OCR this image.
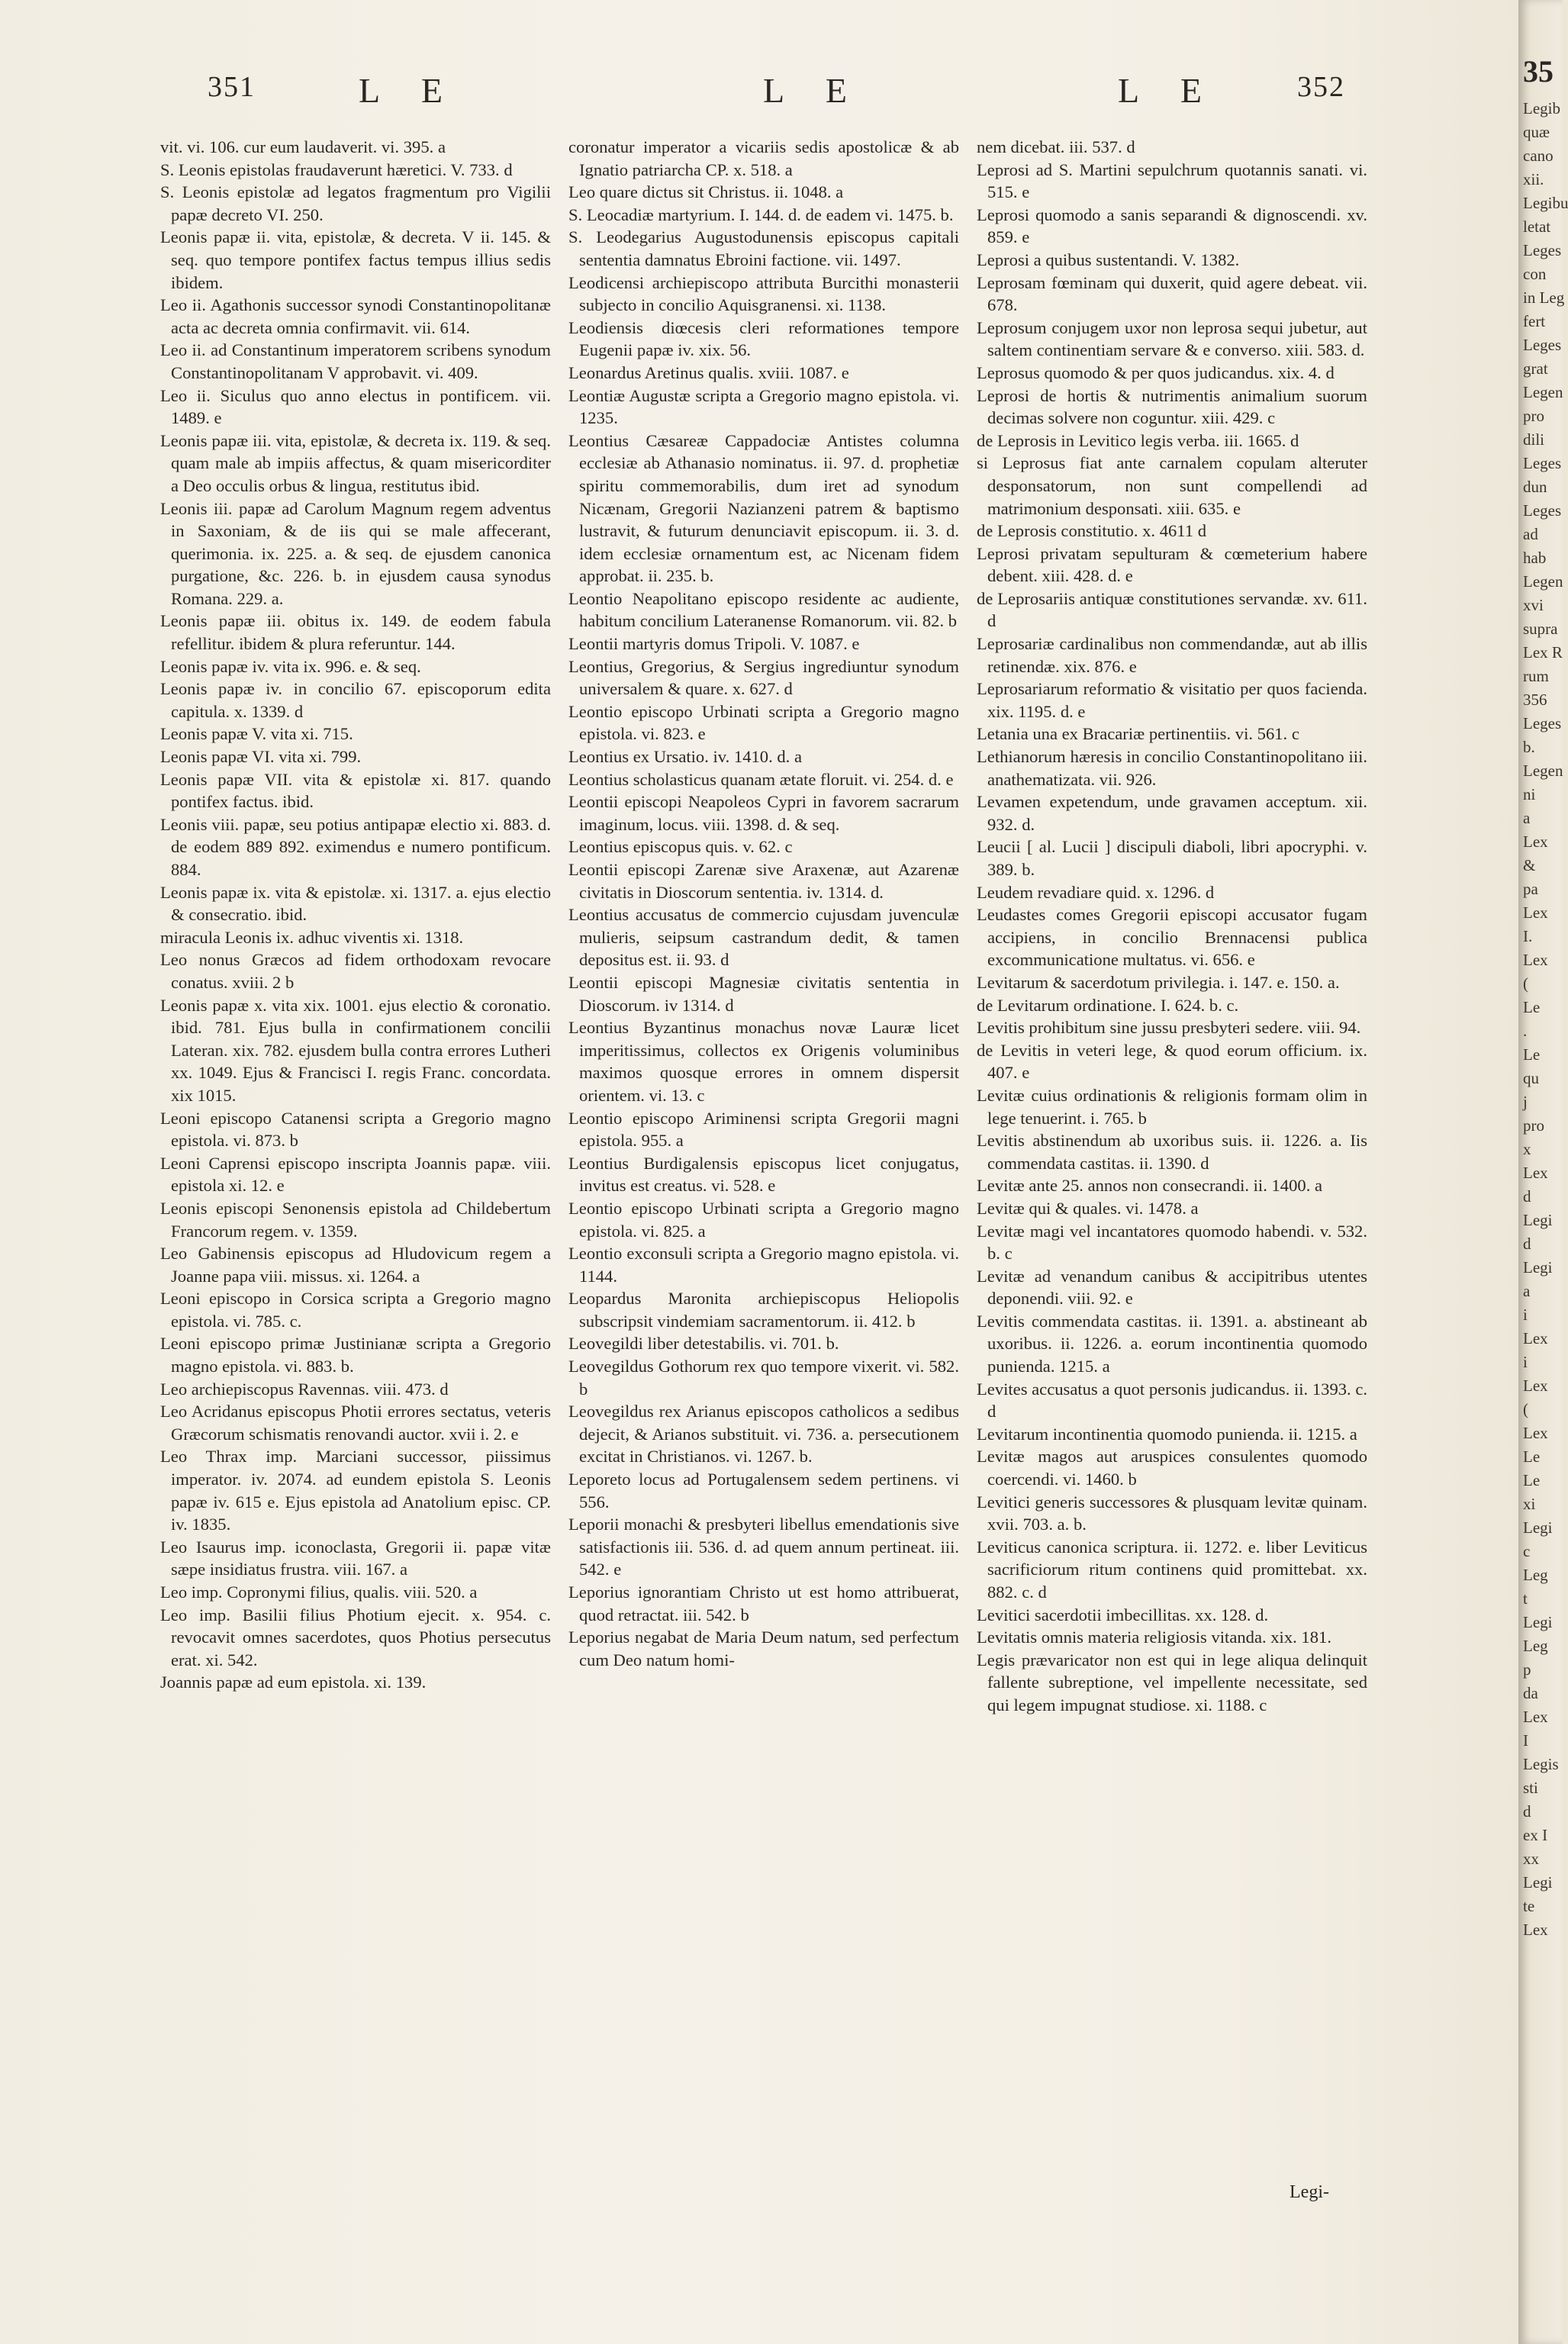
351	L E	L E	L E	352

vit. vi. 106. cur eum laudaverit. vi. 395. a

S. Leonis epistolas fraudaverunt hæretici. V. 733. d

S. Leonis epistolæ ad legatos fragmentum pro Vigilii papæ decreto VI. 250.

Leonis papæ ii. vita, epistolæ, & decreta. V ii. 145. & seq. quo tempore pontifex factus tempus illius sedis ibidem.

Leo ii. Agathonis successor synodi Constantinopolitanæ acta ac decreta omnia confirmavit. vii. 614.

Leo ii. ad Constantinum imperatorem scribens synodum Constantinopolitanam V approbavit. vi. 409.

Leo ii. Siculus quo anno electus in pontificem. vii. 1489. e

Leonis papæ iii. vita, epistolæ, & decreta ix. 119. & seq. quam male ab impiis affectus, & quam misericorditer a Deo occulis orbus & lingua, restitutus ibid.

Leonis iii. papæ ad Carolum Magnum regem adventus in Saxoniam, & de iis qui se male affecerant, querimonia. ix. 225. a. & seq. de ejusdem canonica purgatione, &c. 226. b. in ejusdem causa synodus Romana. 229. a.

Leonis papæ iii. obitus ix. 149. de eodem fabula refellitur. ibidem & plura referuntur. 144.

Leonis papæ iv. vita ix. 996. e. & seq.

Leonis papæ iv. in concilio 67. episcoporum edita capitula. x. 1339. d

Leonis papæ V. vita xi. 715.

Leonis papæ VI. vita xi. 799.

Leonis papæ VII. vita & epistolæ xi. 817. quando pontifex factus. ibid.

Leonis viii. papæ, seu potius antipapæ electio xi. 883. d. de eodem 889 892. eximendus e numero pontificum. 884.

Leonis papæ ix. vita & epistolæ. xi. 1317. a. ejus electio & consecratio. ibid.

miracula Leonis ix. adhuc viventis xi. 1318.

Leo nonus Græcos ad fidem orthodoxam revocare conatus. xviii. 2 b

Leonis papæ x. vita xix. 1001. ejus electio & coronatio. ibid. 781. Ejus bulla in confirmationem concilii Lateran. xix. 782. ejusdem bulla contra errores Lutheri xx. 1049. Ejus & Francisci I. regis Franc. concordata. xix 1015.

Leoni episcopo Catanensi scripta a Gregorio magno epistola. vi. 873. b

Leoni Caprensi episcopo inscripta Joannis papæ. viii. epistola xi. 12. e

Leonis episcopi Senonensis epistola ad Childebertum Francorum regem. v. 1359.

Leo Gabinensis episcopus ad Hludovicum regem a Joanne papa viii. missus. xi. 1264. a

Leoni episcopo in Corsica scripta a Gregorio magno epistola. vi. 785. c.

Leoni episcopo primæ Justinianæ scripta a Gregorio magno epistola. vi. 883. b.

Leo archiepiscopus Ravennas. viii. 473. d

Leo Acridanus episcopus Photii errores sectatus, veteris Græcorum schismatis renovandi auctor. xvii i. 2. e

Leo Thrax imp. Marciani successor, piissimus imperator. iv. 2074. ad eundem epistola S. Leonis papæ iv. 615 e. Ejus epistola ad Anatolium episc. CP. iv. 1835.

Leo Isaurus imp. iconoclasta, Gregorii ii. papæ vitæ sæpe insidiatus frustra. viii. 167. a

Leo imp. Copronymi filius, qualis. viii. 520. a

Leo imp. Basilii filius Photium ejecit. x. 954. c. revocavit omnes sacerdotes, quos Photius persecutus erat. xi. 542.

Joannis papæ ad eum epistola. xi. 139.

coronatur imperator a vicariis sedis apostolicæ & ab Ignatio patriarcha CP. x. 518. a

Leo quare dictus sit Christus. ii. 1048. a

S. Leocadiæ martyrium. I. 144. d. de eadem vi. 1475. b.

S. Leodegarius Augustodunensis episcopus capitali sententia damnatus Ebroini factione. vii. 1497.

Leodicensi archiepiscopo attributa Burcithi monasterii subjecto in concilio Aquisgranensi. xi. 1138.

Leodiensis diœcesis cleri reformationes tempore Eugenii papæ iv. xix. 56.

Leonardus Aretinus qualis. xviii. 1087. e

Leontiæ Augustæ scripta a Gregorio magno epistola. vi. 1235.

Leontius Cæsareæ Cappadociæ Antistes columna ecclesiæ ab Athanasio nominatus. ii. 97. d. prophetiæ spiritu commemorabilis, dum iret ad synodum Nicænam, Gregorii Nazianzeni patrem & baptismo lustravit, & futurum denunciavit episcopum. ii. 3. d. idem ecclesiæ ornamentum est, ac Nicenam fidem approbat. ii. 235. b.

Leontio Neapolitano episcopo residente ac audiente, habitum concilium Lateranense Romanorum. vii. 82. b

Leontii martyris domus Tripoli. V. 1087. e

Leontius, Gregorius, & Sergius ingrediuntur synodum universalem & quare. x. 627. d

Leontio episcopo Urbinati scripta a Gregorio magno epistola. vi. 823. e

Leontius ex Ursatio. iv. 1410. d. a

Leontius scholasticus quanam ætate floruit. vi. 254. d. e

Leontii episcopi Neapoleos Cypri in favorem sacrarum imaginum, locus. viii. 1398. d. & seq.

Leontius episcopus quis. v. 62. c

Leontii episcopi Zarenæ sive Araxenæ, aut Azarenæ civitatis in Dioscorum sententia. iv. 1314. d.

Leontius accusatus de commercio cujusdam juvenculæ mulieris, seipsum castrandum dedit, & tamen depositus est. ii. 93. d

Leontii episcopi Magnesiæ civitatis sententia in Dioscorum. iv 1314. d

Leontius Byzantinus monachus novæ Lauræ licet imperitissimus, collectos ex Origenis voluminibus maximos quosque errores in omnem dispersit orientem. vi. 13. c

Leontio episcopo Ariminensi scripta Gregorii magni epistola. 955. a

Leontius Burdigalensis episcopus licet conjugatus, invitus est creatus. vi. 528. e

Leontio episcopo Urbinati scripta a Gregorio magno epistola. vi. 825. a

Leontio exconsuli scripta a Gregorio magno epistola. vi. 1144.

Leopardus Maronita archiepiscopus Heliopolis subscripsit vindemiam sacramentorum. ii. 412. b

Leovegildi liber detestabilis. vi. 701. b.

Leovegildus Gothorum rex quo tempore vixerit. vi. 582. b

Leovegildus rex Arianus episcopos catholicos a sedibus dejecit, & Arianos substituit. vi. 736. a. persecutionem excitat in Christianos. vi. 1267. b.

Leporeto locus ad Portugalensem sedem pertinens. vi 556.

Leporii monachi & presbyteri libellus emendationis sive satisfactionis iii. 536. d. ad quem annum pertineat. iii. 542. e

Leporius ignorantiam Christo ut est homo attribuerat, quod retractat. iii. 542. b

Leporius negabat de Maria Deum natum, sed perfectum cum Deo natum homi-

nem dicebat. iii. 537. d

Leprosi ad S. Martini sepulchrum quotannis sanati. vi. 515. e

Leprosi quomodo a sanis separandi & dignoscendi. xv. 859. e

Leprosi a quibus sustentandi. V. 1382.

Leprosam fœminam qui duxerit, quid agere debeat. vii. 678.

Leprosum conjugem uxor non leprosa sequi jubetur, aut saltem continentiam servare & e converso. xiii. 583. d.

Leprosus quomodo & per quos judicandus. xix. 4. d

Leprosi de hortis & nutrimentis animalium suorum decimas solvere non coguntur. xiii. 429. c

de Leprosis in Levitico legis verba. iii. 1665. d

si Leprosus fiat ante carnalem copulam alteruter desponsatorum, non sunt compellendi ad matrimonium desponsati. xiii. 635. e

de Leprosis constitutio. x. 4611 d

Leprosi privatam sepulturam & cœmeterium habere debent. xiii. 428. d. e

de Leprosariis antiquæ constitutiones servandæ. xv. 611. d

Leprosariæ cardinalibus non commendandæ, aut ab illis retinendæ. xix. 876. e

Leprosariarum reformatio & visitatio per quos facienda. xix. 1195. d. e

Letania una ex Bracariæ pertinentiis. vi. 561. c

Lethianorum hæresis in concilio Constantinopolitano iii. anathematizata. vii. 926.

Levamen expetendum, unde gravamen acceptum. xii. 932. d.

Leucii [ al. Lucii ] discipuli diaboli, libri apocryphi. v. 389. b.

Leudem revadiare quid. x. 1296. d

Leudastes comes Gregorii episcopi accusator fugam accipiens, in concilio Brennacensi publica excommunicatione multatus. vi. 656. e

Levitarum & sacerdotum privilegia. i. 147. e. 150. a.

de Levitarum ordinatione. I. 624. b. c.

Levitis prohibitum sine jussu presbyteri sedere. viii. 94.

de Levitis in veteri lege, & quod eorum officium. ix. 407. e

Levitæ cuius ordinationis & religionis formam olim in lege tenuerint. i. 765. b

Levitis abstinendum ab uxoribus suis. ii. 1226. a. Iis commendata castitas. ii. 1390. d

Levitæ ante 25. annos non consecrandi. ii. 1400. a

Levitæ qui & quales. vi. 1478. a

Levitæ magi vel incantatores quomodo habendi. v. 532. b. c

Levitæ ad venandum canibus & accipitribus utentes deponendi. viii. 92. e

Levitis commendata castitas. ii. 1391. a. abstineant ab uxoribus. ii. 1226. a. eorum incontinentia quomodo punienda. 1215. a

Levites accusatus a quot personis judicandus. ii. 1393. c. d

Levitarum incontinentia quomodo punienda. ii. 1215. a

Levitæ magos aut aruspices consulentes quomodo coercendi. vi. 1460. b

Levitici generis successores & plusquam levitæ quinam. xvii. 703. a. b.

Leviticus canonica scriptura. ii. 1272. e. liber Leviticus sacrificiorum ritum continens quid promittebat. xx. 882. c. d

Levitici sacerdotii imbecillitas. xx. 128. d.

Levitatis omnis materia religiosis vitanda. xix. 181.

Legis prævaricator non est qui in lege aliqua delinquit fallente subreptione, vel impellente necessitate, sed qui legem impugnat studiose. xi. 1188. c

Legi-
35
Legib
quæ
cano
xii.
Legibu
letat
Leges
con
in Leg
fert
Leges
grat
Legen
pro
dili
Leges
dun
Leges
ad
hab
Legen
xvi
supra
Lex R
rum
356
Leges
b.
Legen
ni
a
Lex
&
pa
Lex
I.
Lex
(
Le
.
Le
qu
j
pro
x
Lex
d
Legi
d
Legi
a
i
Lex
i
Lex
(
Lex
Le
Le
xi
Legi
c
Leg
t
Legi
Leg
p
da
Lex
I
Legis
sti
d
ex I
xx
Legi
te
Lex
